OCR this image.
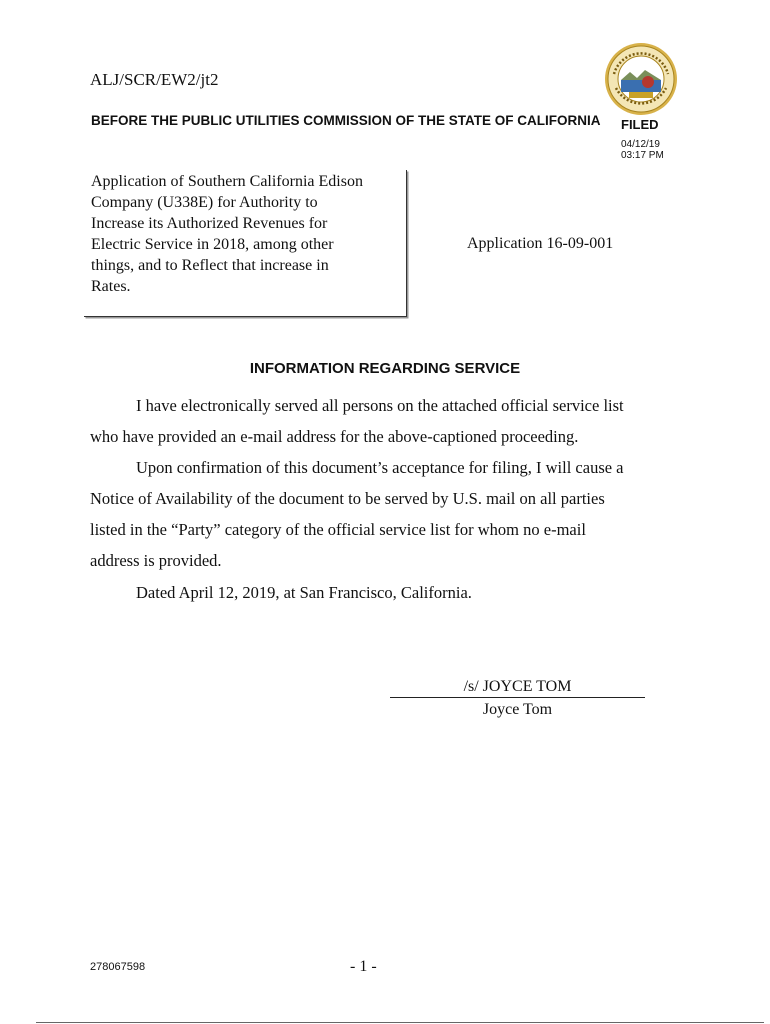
ALJ/SCR/EW2/jt2
BEFORE THE PUBLIC UTILITIES COMMISSION OF THE STATE OF CALIFORNIA FILED
04/12/19
03:17 PM
Application of Southern California Edison
Company (U338E) for Authority to
Increase its Authorized Revenues for
Electric Service in 2018, among other
things, and to Reflect that increase in
Rates.
Application 16-09-001
INFORMATION REGARDING SERVICE
I have electronically served all persons on the attached official service list
who have provided an e-mail address for the above-captioned proceeding.
Upon confirmation of this document’s acceptance for filing, I will cause a
Notice of Availability of the document to be served by U.S. mail on all parties
listed in the “Party” category of the official service list for whom no e-mail
address is provided.
Dated April 12, 2019, at San Francisco, California.
/s/ JOYCE TOM
Joyce Tom
278067598	- 1 -
